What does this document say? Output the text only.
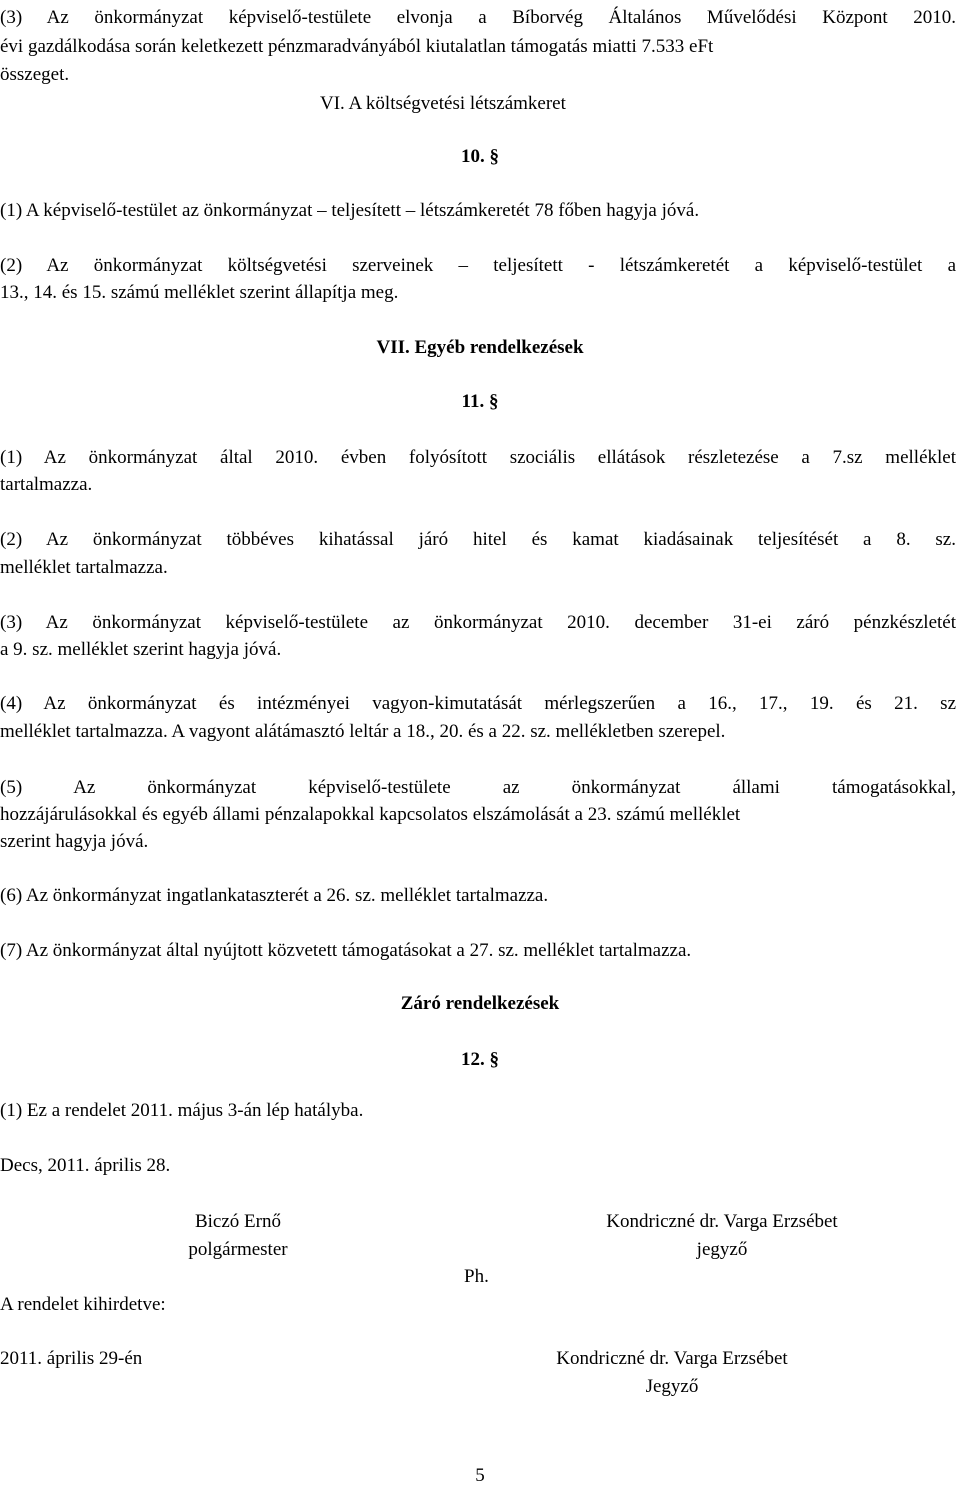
(3) Az önkormányzat képviselő-testülete elvonja a Bíborvég Általános Művelődési Központ 2010.
évi gazdálkodása során keletkezett pénzmaradványából kiutalatlan támogatás miatti 7.533 eFt
összeget.
VI. A költségvetési létszámkeret
10. §
(1) A képviselő-testület az önkormányzat – teljesített – létszámkeretét 78 főben hagyja jóvá.
(2) Az önkormányzat költségvetési szerveinek – teljesített - létszámkeretét a képviselő-testület a
13., 14. és 15. számú melléklet szerint állapítja meg.
VII. Egyéb rendelkezések
11. §
(1) Az önkormányzat által 2010. évben folyósított szociális ellátások részletezése a 7.sz melléklet
tartalmazza.
(2) Az önkormányzat többéves kihatással járó hitel és kamat kiadásainak teljesítését a 8. sz.
melléklet tartalmazza.
(3) Az önkormányzat képviselő-testülete az önkormányzat 2010. december 31-ei záró pénzkészletét
a 9. sz. melléklet szerint hagyja jóvá.
(4) Az önkormányzat és intézményei vagyon-kimutatását mérlegszerűen a 16., 17., 19. és 21. sz
melléklet tartalmazza. A vagyont alátámasztó leltár a 18., 20. és a 22. sz. mellékletben szerepel.
(5) Az önkormányzat képviselő-testülete az önkormányzat állami támogatásokkal,
hozzájárulásokkal és egyéb állami pénzalapokkal kapcsolatos elszámolását a 23. számú melléklet
szerint hagyja jóvá.
(6) Az önkormányzat ingatlankataszterét a 26. sz. melléklet tartalmazza.
(7) Az önkormányzat által nyújtott közvetett támogatásokat a 27. sz. melléklet tartalmazza.
Záró rendelkezések
12. §
(1) Ez a rendelet 2011. május 3-án lép hatályba.
Decs, 2011. április 28.
Biczó Ernő
polgármester
Kondriczné dr. Varga Erzsébet
jegyző
Ph.
A rendelet kihirdetve:
2011. április 29-én	Kondriczné dr. Varga Erzsébet
Jegyző
5
